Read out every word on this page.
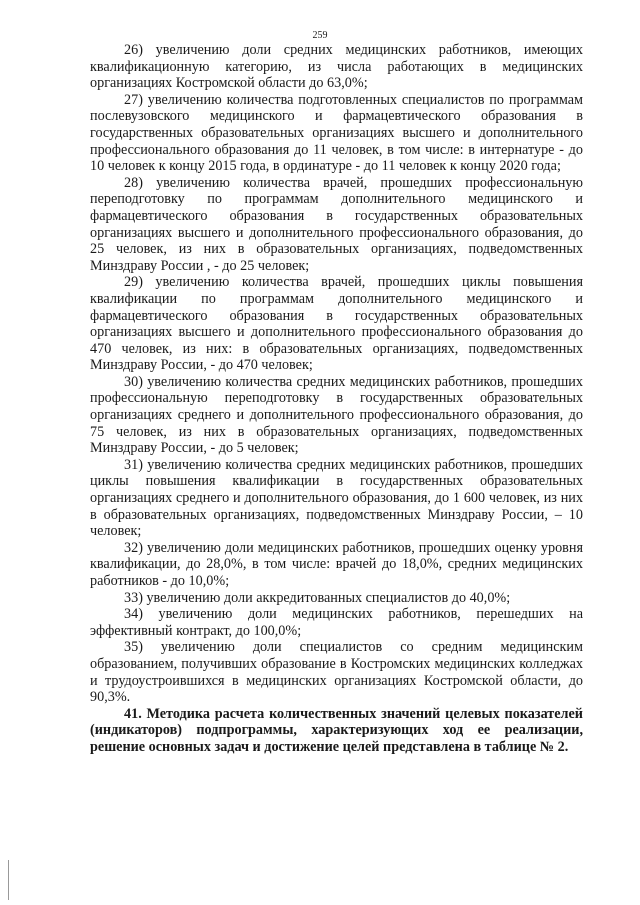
259

26) увеличению доли средних медицинских работников, имеющих квалификационную категорию, из числа работающих в медицинских организациях Костромской области до 63,0%;

27) увеличению количества подготовленных специалистов по программам послевузовского медицинского и фармацевтического образования в государственных образовательных организациях высшего и дополнительного профессионального образования до 11 человек, в том числе: в интернатуре - до 10 человек к концу 2015 года, в ординатуре - до 11 человек к концу 2020 года;

28) увеличению количества врачей, прошедших профессиональную переподготовку по программам дополнительного медицинского и фармацевтического образования в государственных образовательных организациях высшего и дополнительного профессионального образования, до 25 человек, из них в образовательных организациях, подведомственных Минздраву России , - до 25 человек;

29) увеличению количества врачей, прошедших циклы повышения квалификации по программам дополнительного медицинского и фармацевтического образования в государственных образовательных организациях высшего и дополнительного профессионального образования до 470 человек, из них: в образовательных организациях, подведомственных Минздраву России, - до 470 человек;

30) увеличению количества средних медицинских работников, прошедших профессиональную переподготовку в государственных образовательных организациях среднего и дополнительного профессионального образования, до 75 человек, из них в образовательных организациях, подведомственных Минздраву России, - до 5 человек;

31) увеличению количества средних медицинских работников, прошедших циклы повышения квалификации в государственных образовательных организациях среднего и дополнительного образования, до 1 600 человек, из них в образовательных организациях, подведомственных Минздраву России, – 10 человек;

32) увеличению доли медицинских работников, прошедших оценку уровня квалификации, до 28,0%, в том числе: врачей до 18,0%, средних медицинских работников - до 10,0%;

33) увеличению доли аккредитованных специалистов до 40,0%;

34) увеличению доли медицинских работников, перешедших на эффективный контракт, до 100,0%;

35) увеличению доли специалистов со средним медицинским образованием, получивших образование в Костромских медицинских колледжах и трудоустроившихся в медицинских организациях Костромской области, до 90,3%.

41. Методика расчета количественных значений целевых показателей (индикаторов) подпрограммы, характеризующих ход ее реализации, решение основных задач и достижение целей представлена в таблице № 2.
